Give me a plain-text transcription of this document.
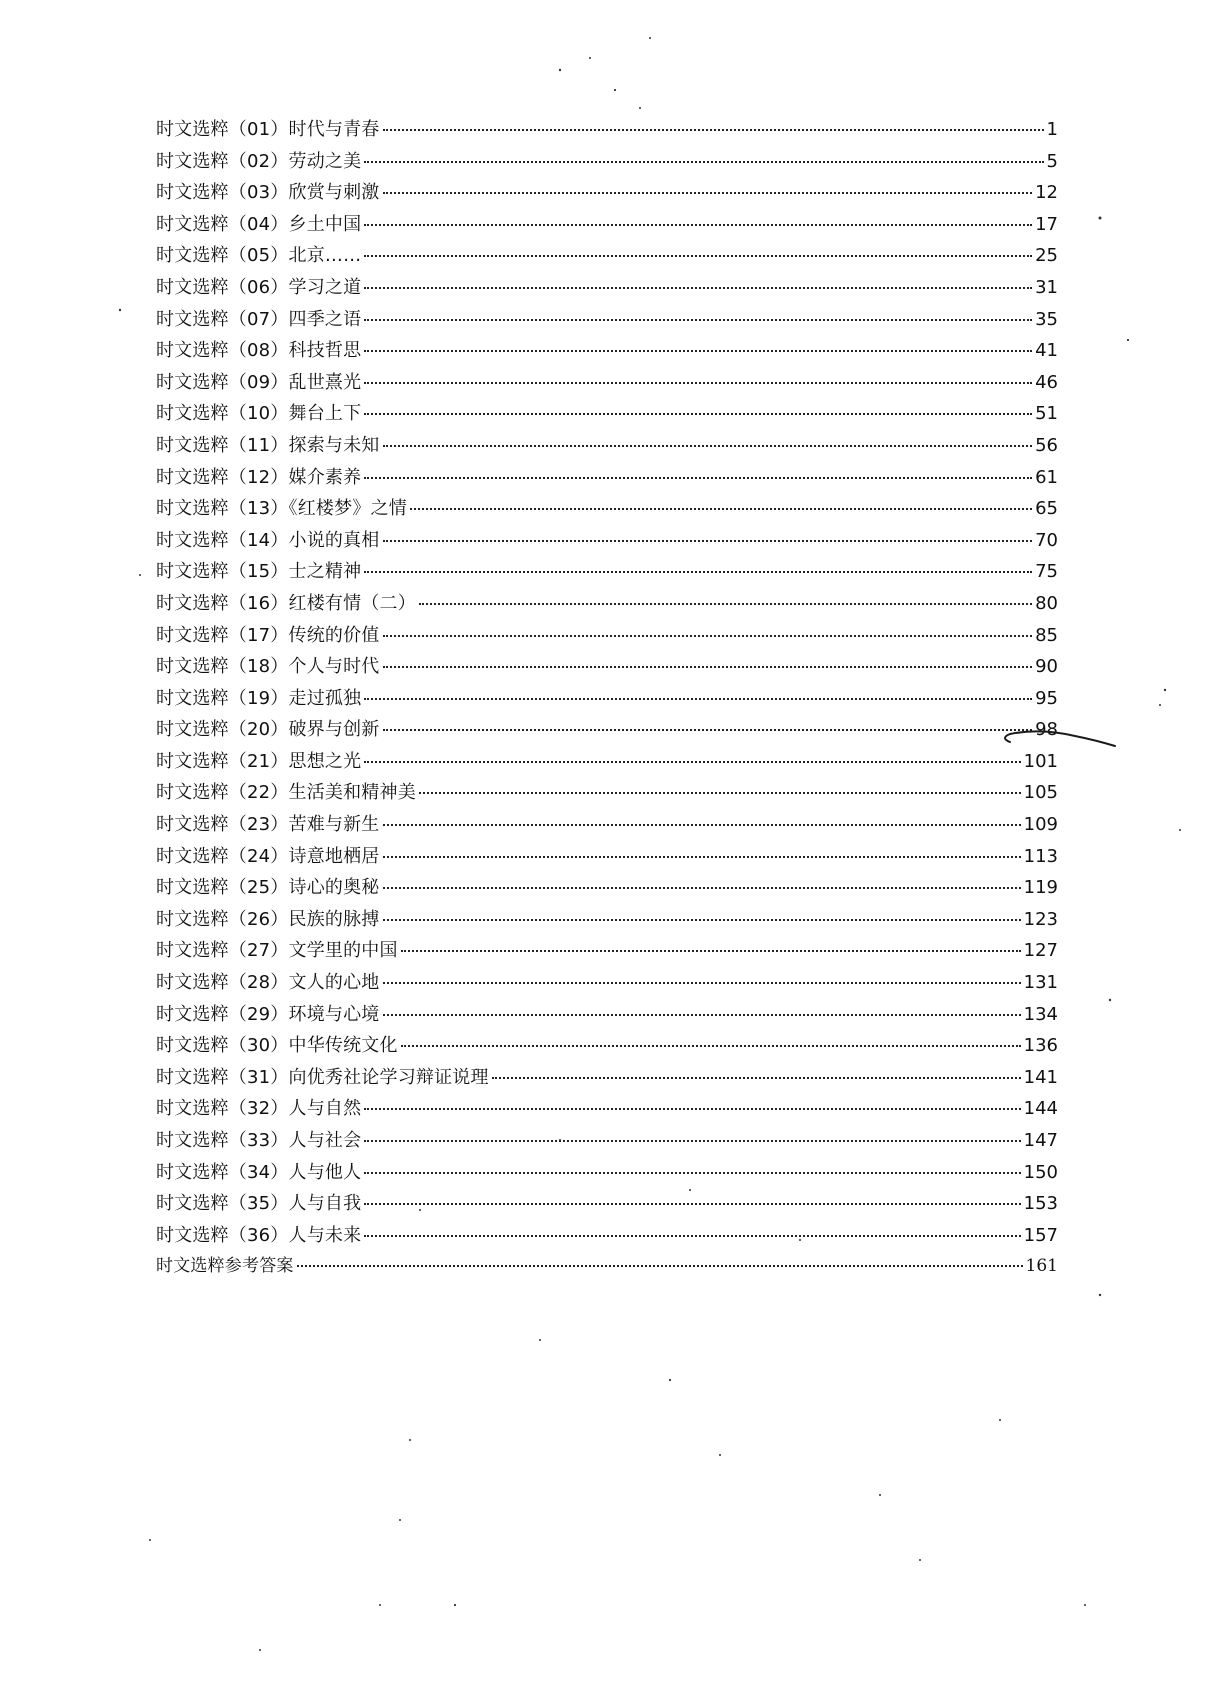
时文选粹（01）时代与青春	1
时文选粹（02）劳动之美	5
时文选粹（03）欣赏与刺激	12
时文选粹（04）乡土中国	17
时文选粹（05）北京……	25
时文选粹（06）学习之道	31
时文选粹（07）四季之语	35
时文选粹（08）科技哲思	41
时文选粹（09）乱世熹光	46
时文选粹（10）舞台上下	51
时文选粹（11）探索与未知	56
时文选粹（12）媒介素养	61
时文选粹（13）《红楼梦》之情	65
时文选粹（14）小说的真相	70
时文选粹（15）士之精神	75
时文选粹（16）红楼有情（二）	80
时文选粹（17）传统的价值	85
时文选粹（18）个人与时代	90
时文选粹（19）走过孤独	95
时文选粹（20）破界与创新	98
时文选粹（21）思想之光	101
时文选粹（22）生活美和精神美	105
时文选粹（23）苦难与新生	109
时文选粹（24）诗意地栖居	113
时文选粹（25）诗心的奥秘	119
时文选粹（26）民族的脉搏	123
时文选粹（27）文学里的中国	127
时文选粹（28）文人的心地	131
时文选粹（29）环境与心境	134
时文选粹（30）中华传统文化	136
时文选粹（31）向优秀社论学习辩证说理	141
时文选粹（32）人与自然	144
时文选粹（33）人与社会	147
时文选粹（34）人与他人	150
时文选粹（35）人与自我	153
时文选粹（36）人与未来	157
时文选粹参考答案	161
